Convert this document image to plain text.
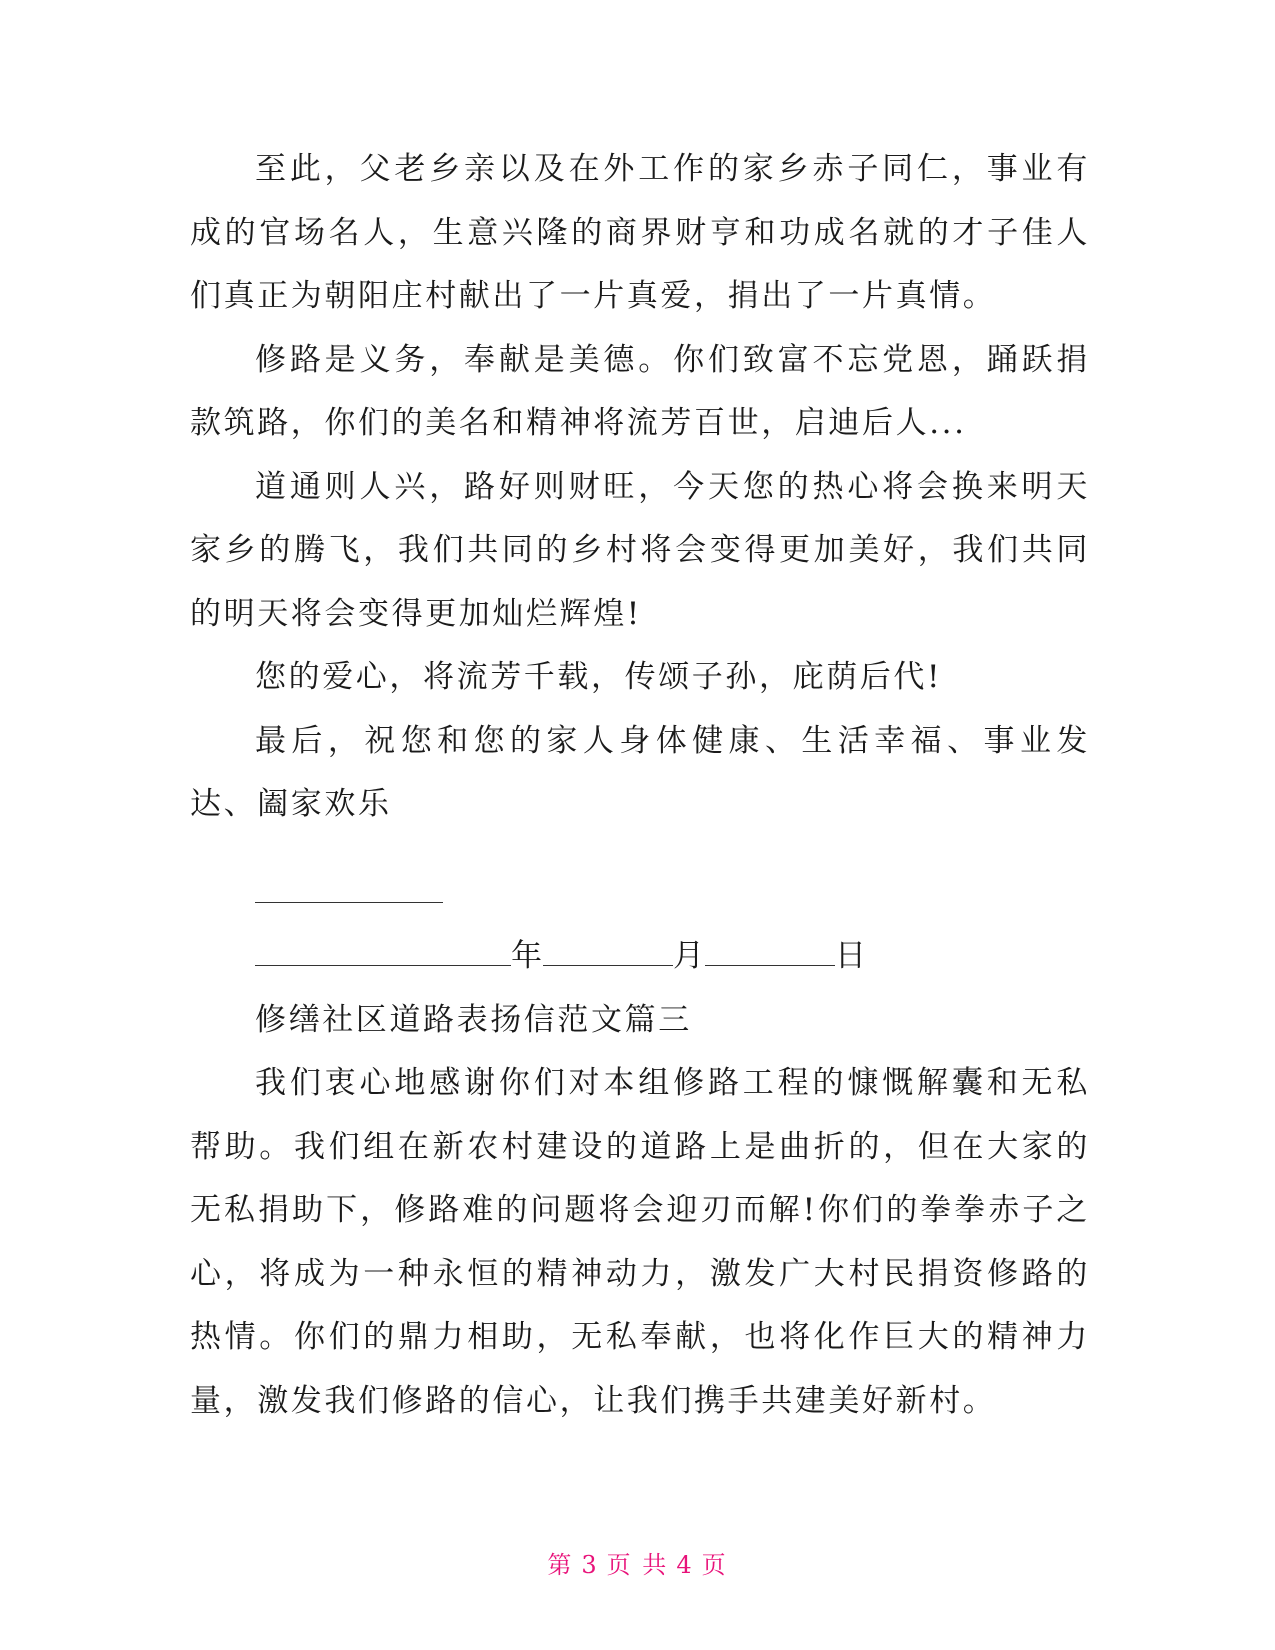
至此，父老乡亲以及在外工作的家乡赤子同仁，事业有成的官场名人，生意兴隆的商界财亨和功成名就的才子佳人们真正为朝阳庄村献出了一片真爱，捐出了一片真情。

修路是义务，奉献是美德。你们致富不忘党恩，踊跃捐款筑路，你们的美名和精神将流芳百世，启迪后人...

道通则人兴，路好则财旺，今天您的热心将会换来明天家乡的腾飞，我们共同的乡村将会变得更加美好，我们共同的明天将会变得更加灿烂辉煌!

您的爱心，将流芳千载，传颂子孙，庇荫后代!

最后，祝您和您的家人身体健康、生活幸福、事业发达、阖家欢乐

年	月	日

修缮社区道路表扬信范文篇三

我们衷心地感谢你们对本组修路工程的慷慨解囊和无私帮助。我们组在新农村建设的道路上是曲折的，但在大家的无私捐助下，修路难的问题将会迎刃而解!你们的拳拳赤子之心，将成为一种永恒的精神动力，激发广大村民捐资修路的热情。你们的鼎力相助，无私奉献，也将化作巨大的精神力量，激发我们修路的信心，让我们携手共建美好新村。

第 3 页 共 4 页
